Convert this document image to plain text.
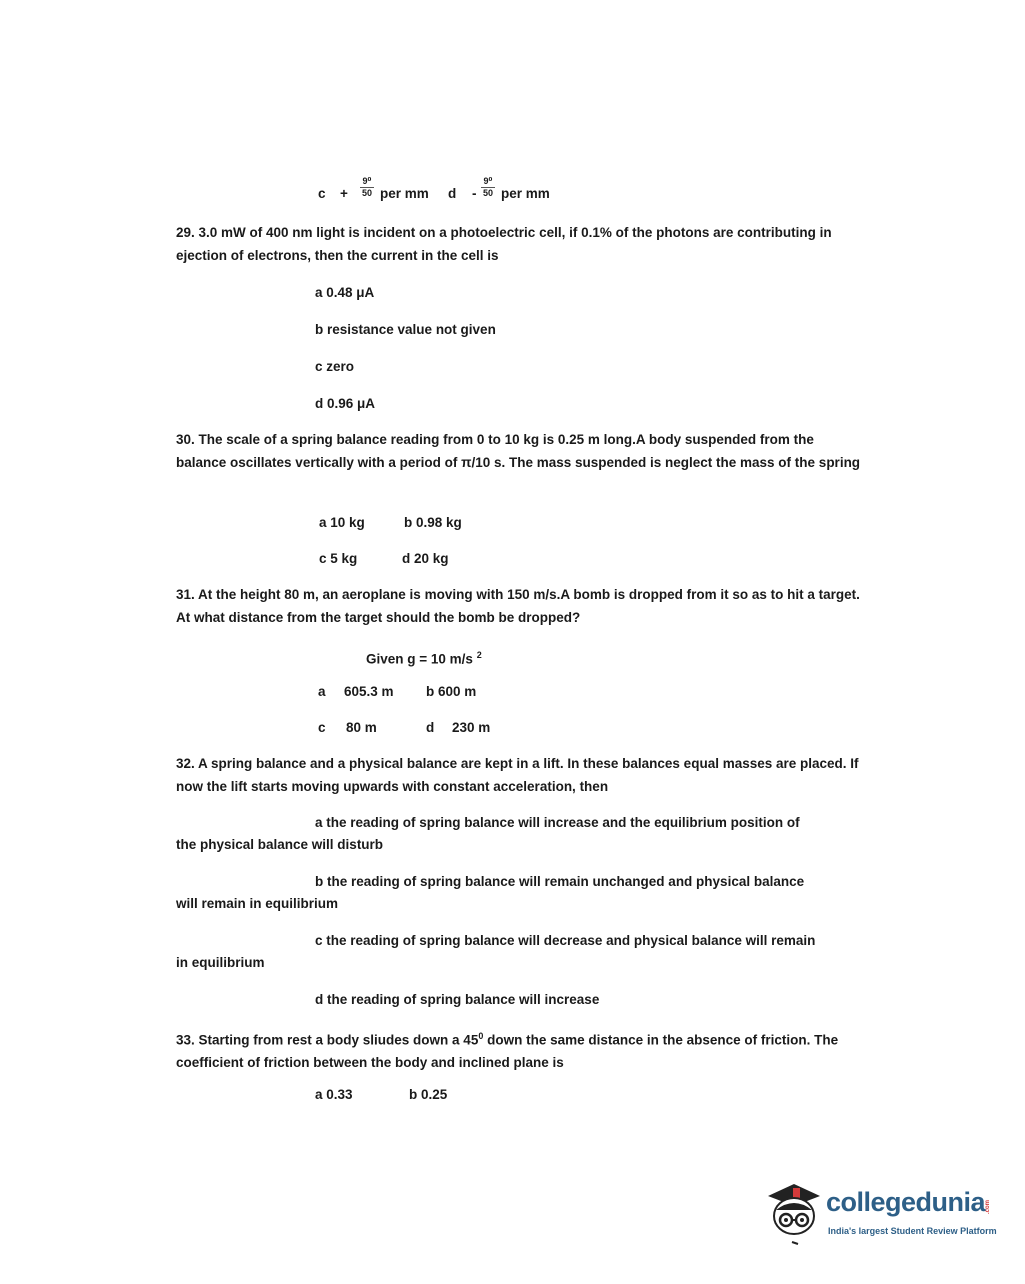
c +
9⁰
50 per mm d -
9⁰
50 per mm
29. 3.0 mW of 400 nm light is incident on a photoelectric cell, if 0.1% of the photons are contributing in ejection of electrons, then the current in the cell is
a 0.48 μA
b resistance value not given
c zero
d 0.96 μA
30. The scale of a spring balance reading from 0 to 10 kg is 0.25 m long.A body suspended from the balance oscillates vertically with a period of π/10 s. The mass suspended is neglect the mass of the spring
a 10 kg	b 0.98 kg
c 5 kg	d 20 kg
31. At the height 80 m, an aeroplane is moving with 150 m/s.A bomb is dropped from it so as to hit a target. At what distance from the target should the bomb be dropped?
Given g = 10 m/s $^2$
a 605.3 m b 600 m
c 80 m	d 230 m
32. A spring balance and a physical balance are kept in a lift. In these balances equal masses are placed. If now the lift starts moving upwards with constant acceleration, then
a the reading of spring balance will increase and the equilibrium position of
the physical balance will disturb
b the reading of spring balance will remain unchanged and physical balance
will remain in equilibrium
c the reading of spring balance will decrease and physical balance will remain
in equilibrium
d the reading of spring balance will increase
33. Starting from rest a body sliudes down a $45^0$ down the same distance in the absence of friction. The coefficient of friction between the body and inclined plane is
a 0.33	b 0.25
collegedunia .com
India's largest Student Review Platform
